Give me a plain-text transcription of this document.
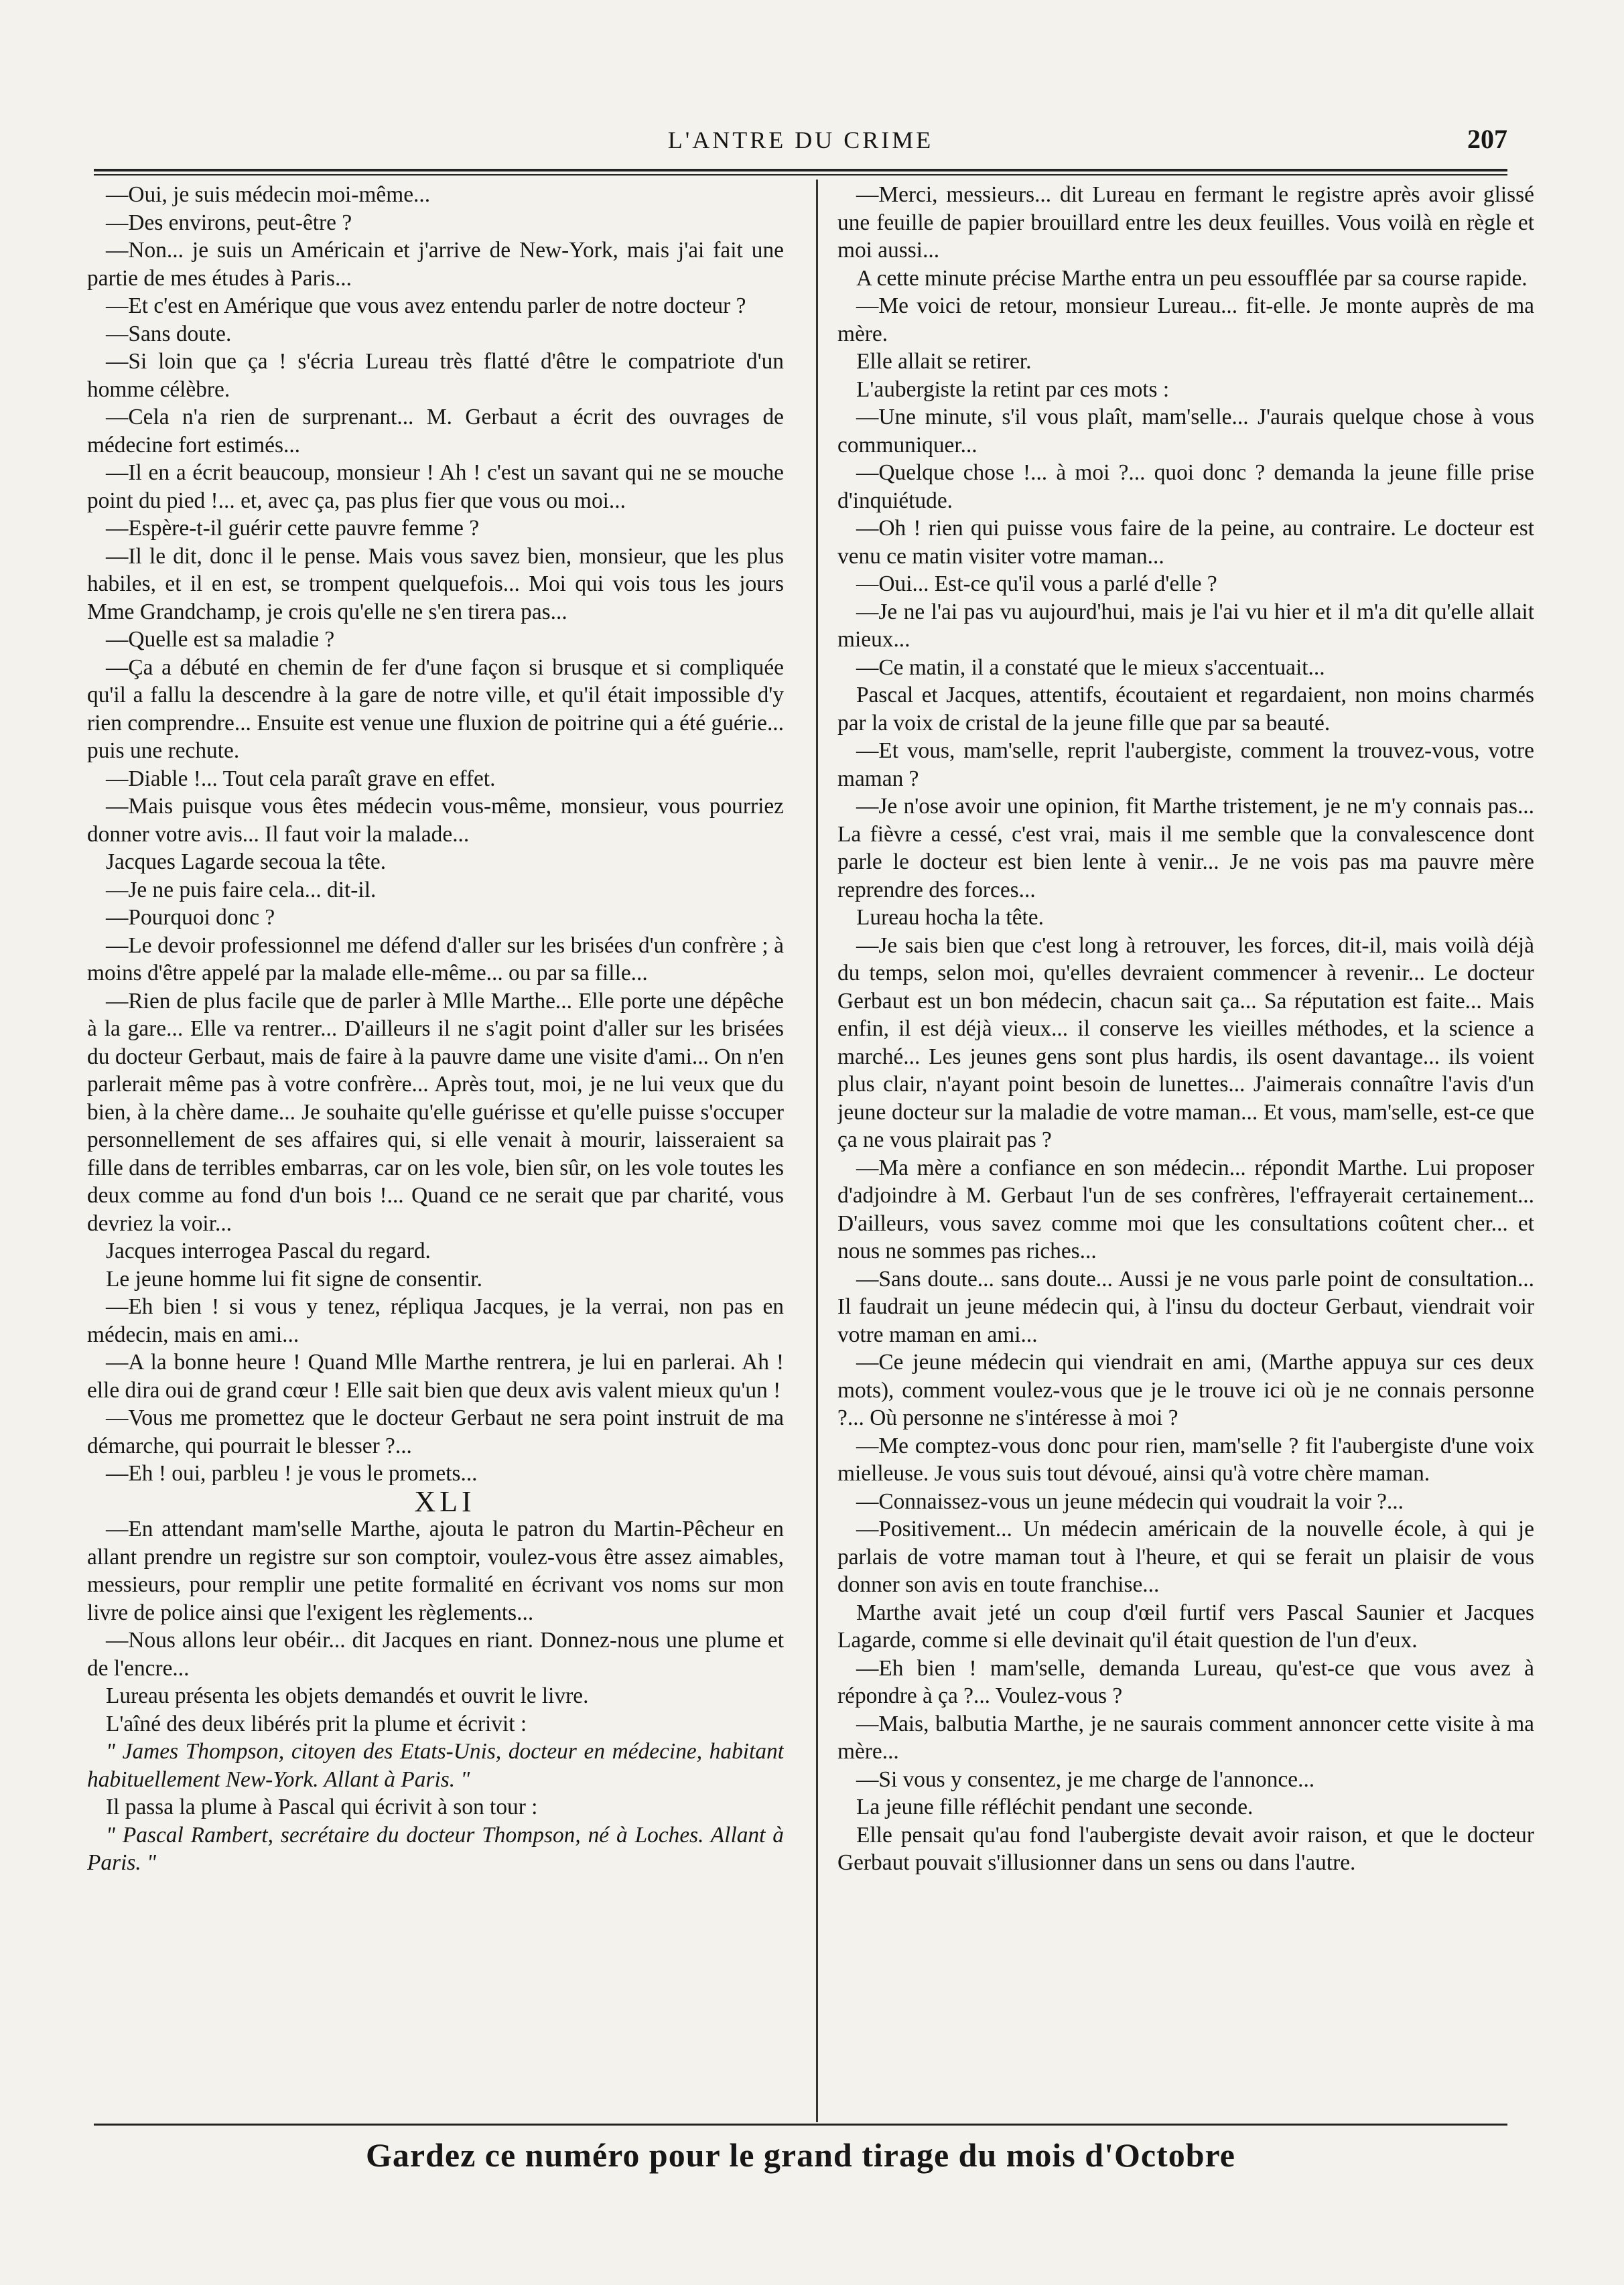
L'ANTRE DU CRIME	207

—Oui, je suis médecin moi-même...

—Des environs, peut-être ?

—Non... je suis un Américain et j'arrive de New-York, mais j'ai fait une partie de mes études à Paris...

—Et c'est en Amérique que vous avez entendu parler de notre docteur ?

—Sans doute.

—Si loin que ça ! s'écria Lureau très flatté d'être le compatriote d'un homme célèbre.

—Cela n'a rien de surprenant... M. Gerbaut a écrit des ouvrages de médecine fort estimés...

—Il en a écrit beaucoup, monsieur ! Ah ! c'est un savant qui ne se mouche point du pied !... et, avec ça, pas plus fier que vous ou moi...

—Espère-t-il guérir cette pauvre femme ?

—Il le dit, donc il le pense. Mais vous savez bien, monsieur, que les plus habiles, et il en est, se trompent quelquefois... Moi qui vois tous les jours Mme Grandchamp, je crois qu'elle ne s'en tirera pas...

—Quelle est sa maladie ?

—Ça a débuté en chemin de fer d'une façon si brusque et si compliquée qu'il a fallu la descendre à la gare de notre ville, et qu'il était impossible d'y rien comprendre... Ensuite est venue une fluxion de poitrine qui a été guérie... puis une rechute.

—Diable !... Tout cela paraît grave en effet.

—Mais puisque vous êtes médecin vous-même, monsieur, vous pourriez donner votre avis... Il faut voir la malade...

Jacques Lagarde secoua la tête.

—Je ne puis faire cela... dit-il.

—Pourquoi donc ?

—Le devoir professionnel me défend d'aller sur les brisées d'un confrère ; à moins d'être appelé par la malade elle-même... ou par sa fille...

—Rien de plus facile que de parler à Mlle Marthe... Elle porte une dépêche à la gare... Elle va rentrer... D'ailleurs il ne s'agit point d'aller sur les brisées du docteur Gerbaut, mais de faire à la pauvre dame une visite d'ami... On n'en parlerait même pas à votre confrère... Après tout, moi, je ne lui veux que du bien, à la chère dame... Je souhaite qu'elle guérisse et qu'elle puisse s'occuper personnellement de ses affaires qui, si elle venait à mourir, laisseraient sa fille dans de terribles embarras, car on les vole, bien sûr, on les vole toutes les deux comme au fond d'un bois !... Quand ce ne serait que par charité, vous devriez la voir...

Jacques interrogea Pascal du regard.

Le jeune homme lui fit signe de consentir.

—Eh bien ! si vous y tenez, répliqua Jacques, je la verrai, non pas en médecin, mais en ami...

—A la bonne heure ! Quand Mlle Marthe rentrera, je lui en parlerai. Ah ! elle dira oui de grand cœur ! Elle sait bien que deux avis valent mieux qu'un !

—Vous me promettez que le docteur Gerbaut ne sera point instruit de ma démarche, qui pourrait le blesser ?...

—Eh ! oui, parbleu ! je vous le promets...

XLI

—En attendant mam'selle Marthe, ajouta le patron du Martin-Pêcheur en allant prendre un registre sur son comptoir, voulez-vous être assez aimables, messieurs, pour remplir une petite formalité en écrivant vos noms sur mon livre de police ainsi que l'exigent les règlements...

—Nous allons leur obéir... dit Jacques en riant. Donnez-nous une plume et de l'encre...

Lureau présenta les objets demandés et ouvrit le livre.

L'aîné des deux libérés prit la plume et écrivit :

" James Thompson, citoyen des Etats-Unis, docteur en médecine, habitant habituellement New-York. Allant à Paris. "

Il passa la plume à Pascal qui écrivit à son tour :

" Pascal Rambert, secrétaire du docteur Thompson, né à Loches. Allant à Paris. "

—Merci, messieurs... dit Lureau en fermant le registre après avoir glissé une feuille de papier brouillard entre les deux feuilles. Vous voilà en règle et moi aussi...

A cette minute précise Marthe entra un peu essoufflée par sa course rapide.

—Me voici de retour, monsieur Lureau... fit-elle. Je monte auprès de ma mère.

Elle allait se retirer.

L'aubergiste la retint par ces mots :

—Une minute, s'il vous plaît, mam'selle... J'aurais quelque chose à vous communiquer...

—Quelque chose !... à moi ?... quoi donc ? demanda la jeune fille prise d'inquiétude.

—Oh ! rien qui puisse vous faire de la peine, au contraire. Le docteur est venu ce matin visiter votre maman...

—Oui... Est-ce qu'il vous a parlé d'elle ?

—Je ne l'ai pas vu aujourd'hui, mais je l'ai vu hier et il m'a dit qu'elle allait mieux...

—Ce matin, il a constaté que le mieux s'accentuait...

Pascal et Jacques, attentifs, écoutaient et regardaient, non moins charmés par la voix de cristal de la jeune fille que par sa beauté.

—Et vous, mam'selle, reprit l'aubergiste, comment la trouvez-vous, votre maman ?

—Je n'ose avoir une opinion, fit Marthe tristement, je ne m'y connais pas... La fièvre a cessé, c'est vrai, mais il me semble que la convalescence dont parle le docteur est bien lente à venir... Je ne vois pas ma pauvre mère reprendre des forces...

Lureau hocha la tête.

—Je sais bien que c'est long à retrouver, les forces, dit-il, mais voilà déjà du temps, selon moi, qu'elles devraient commencer à revenir... Le docteur Gerbaut est un bon médecin, chacun sait ça... Sa réputation est faite... Mais enfin, il est déjà vieux... il conserve les vieilles méthodes, et la science a marché... Les jeunes gens sont plus hardis, ils osent davantage... ils voient plus clair, n'ayant point besoin de lunettes... J'aimerais connaître l'avis d'un jeune docteur sur la maladie de votre maman... Et vous, mam'selle, est-ce que ça ne vous plairait pas ?

—Ma mère a confiance en son médecin... répondit Marthe. Lui proposer d'adjoindre à M. Gerbaut l'un de ses confrères, l'effrayerait certainement... D'ailleurs, vous savez comme moi que les consultations coûtent cher... et nous ne sommes pas riches...

—Sans doute... sans doute... Aussi je ne vous parle point de consultation... Il faudrait un jeune médecin qui, à l'insu du docteur Gerbaut, viendrait voir votre maman en ami...

—Ce jeune médecin qui viendrait en ami, (Marthe appuya sur ces deux mots), comment voulez-vous que je le trouve ici où je ne connais personne ?... Où personne ne s'intéresse à moi ?

—Me comptez-vous donc pour rien, mam'selle ? fit l'aubergiste d'une voix mielleuse. Je vous suis tout dévoué, ainsi qu'à votre chère maman.

—Connaissez-vous un jeune médecin qui voudrait la voir ?...

—Positivement... Un médecin américain de la nouvelle école, à qui je parlais de votre maman tout à l'heure, et qui se ferait un plaisir de vous donner son avis en toute franchise...

Marthe avait jeté un coup d'œil furtif vers Pascal Saunier et Jacques Lagarde, comme si elle devinait qu'il était question de l'un d'eux.

—Eh bien ! mam'selle, demanda Lureau, qu'est-ce que vous avez à répondre à ça ?... Voulez-vous ?

—Mais, balbutia Marthe, je ne saurais comment annoncer cette visite à ma mère...

—Si vous y consentez, je me charge de l'annonce...

La jeune fille réfléchit pendant une seconde.

Elle pensait qu'au fond l'aubergiste devait avoir raison, et que le docteur Gerbaut pouvait s'illusionner dans un sens ou dans l'autre.

Gardez ce numéro pour le grand tirage du mois d'Octobre
